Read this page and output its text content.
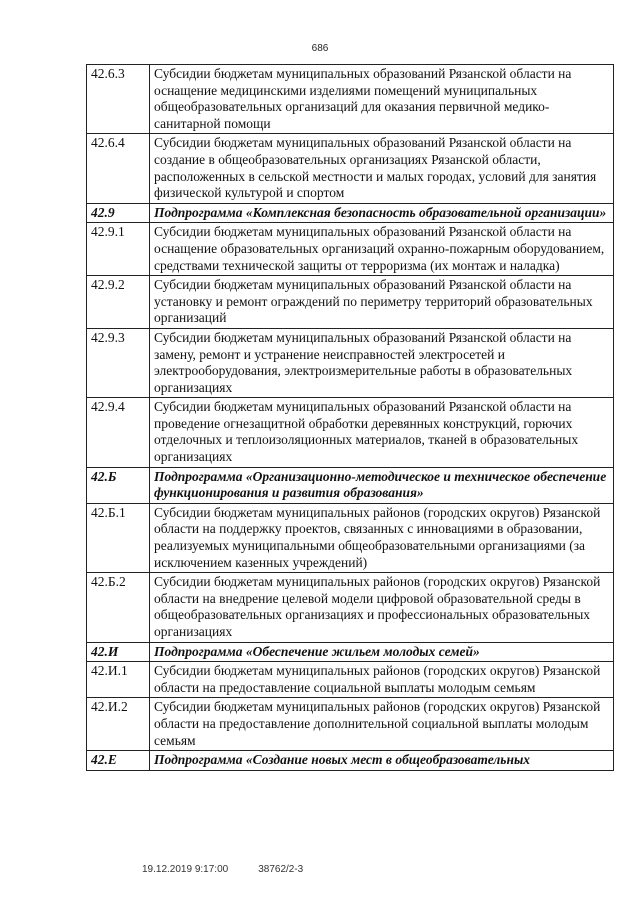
686
42.6.3	Субсидии бюджетам муниципальных образований Рязанской области на оснащение медицинскими изделиями помещений муниципальных общеобразовательных организаций для оказания первичной медико-санитарной помощи
42.6.4	Субсидии бюджетам муниципальных образований Рязанской области на создание в общеобразовательных организациях Рязанской области, расположенных в сельской местности и малых городах, условий для занятия физической культурой и спортом
42.9	Подпрограмма «Комплексная безопасность образовательной организации»
42.9.1	Субсидии бюджетам муниципальных образований Рязанской области на оснащение образовательных организаций охранно-пожарным оборудованием, средствами технической защиты от терроризма (их монтаж и наладка)
42.9.2	Субсидии бюджетам муниципальных образований Рязанской области на установку и ремонт ограждений по периметру территорий образовательных организаций
42.9.3	Субсидии бюджетам муниципальных образований Рязанской области на замену, ремонт и устранение неисправностей электросетей и электрооборудования, электроизмерительные работы в образовательных организациях
42.9.4	Субсидии бюджетам муниципальных образований Рязанской области на проведение огнезащитной обработки деревянных конструкций, горючих отделочных и теплоизоляционных материалов, тканей в образовательных организациях
42.Б	Подпрограмма «Организационно-методическое и техническое обеспечение функционирования и развития образования»
42.Б.1	Субсидии бюджетам муниципальных районов (городских округов) Рязанской области на поддержку проектов, связанных с инновациями в образовании, реализуемых муниципальными общеобразовательными организациями (за исключением казенных учреждений)
42.Б.2	Субсидии бюджетам муниципальных районов (городских округов) Рязанской области на внедрение целевой модели цифровой образовательной среды в общеобразовательных организациях и профессиональных образовательных организациях
42.И	Подпрограмма «Обеспечение жильем молодых семей»
42.И.1	Субсидии бюджетам муниципальных районов (городских округов) Рязанской области на предоставление социальной выплаты молодым семьям
42.И.2	Субсидии бюджетам муниципальных районов (городских округов) Рязанской области на предоставление дополнительной социальной выплаты молодым семьям
42.Е	Подпрограмма «Создание новых мест в общеобразовательных
19.12.2019 9:17:00	38762/2-3
